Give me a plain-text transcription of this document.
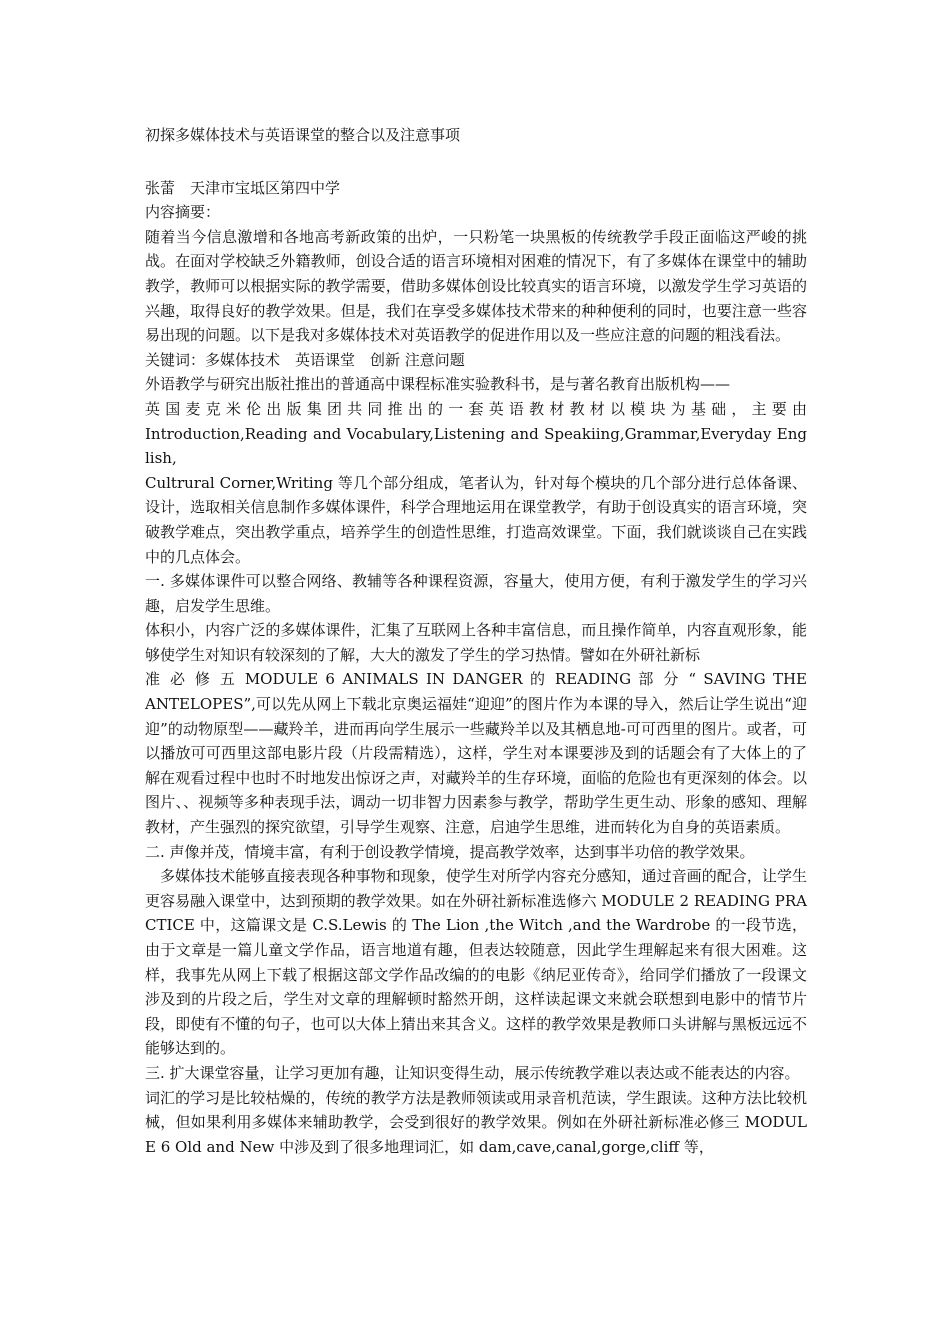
初探多媒体技术与英语课堂的整合以及注意事项

张蕾　天津市宝坻区第四中学

内容摘要：

随着当今信息激增和各地高考新政策的出炉，一只粉笔一块黑板的传统教学手段正面临这严峻的挑战。在面对学校缺乏外籍教师，创设合适的语言环境相对困难的情况下，有了多媒体在课堂中的辅助教学，教师可以根据实际的教学需要，借助多媒体创设比较真实的语言环境，以激发学生学习英语的兴趣，取得良好的教学效果。但是，我们在享受多媒体技术带来的种种便利的同时，也要注意一些容易出现的问题。以下是我对多媒体技术对英语教学的促进作用以及一些应注意的问题的粗浅看法。

关键词：多媒体技术　英语课堂　创新 注意问题

外语教学与研究出版社推出的普通高中课程标准实验教科书，是与著名教育出版机构——

英国麦克米伦出版集团共同推出的一套英语教材教材以模块为基础，主要由

Introduction,Reading and Vocabulary,Listening and Speakiing,Grammar,Everyday English,

Cultrural Corner,Writing 等几个部分组成，笔者认为，针对每个模块的几个部分进行总体备课、设计，选取相关信息制作多媒体课件，科学合理地运用在课堂教学，有助于创设真实的语言环境，突破教学难点，突出教学重点，培养学生的创造性思维，打造高效课堂。下面，我们就谈谈自己在实践中的几点体会。

一. 多媒体课件可以整合网络、教辅等各种课程资源，容量大，使用方便，有利于激发学生的学习兴趣，启发学生思维。

体积小，内容广泛的多媒体课件，汇集了互联网上各种丰富信息，而且操作简单，内容直观形象，能够使学生对知识有较深刻的了解，大大的激发了学生的学习热情。譬如在外研社新标

准 必 修 五 MODULE 6 ANIMALS IN DANGER 的 READING 部 分 “ SAVING THE

ANTELOPES”,可以先从网上下载北京奥运福娃“迎迎”的图片作为本课的导入，然后让学生说出“迎迎”的动物原型——藏羚羊，进而再向学生展示一些藏羚羊以及其栖息地-可可西里的图片。或者，可以播放可可西里这部电影片段（片段需精选），这样，学生对本课要涉及到的话题会有了大体上的了解在观看过程中也时不时地发出惊讶之声，对藏羚羊的生存环境，面临的危险也有更深刻的体会。以图片、、视频等多种表现手法，调动一切非智力因素参与教学，帮助学生更生动、形象的感知、理解教材，产生强烈的探究欲望，引导学生观察、注意，启迪学生思维，进而转化为自身的英语素质。

二. 声像并茂，情境丰富，有利于创设教学情境，提高教学效率，达到事半功倍的教学效果。

多媒体技术能够直接表现各种事物和现象，使学生对所学内容充分感知，通过音画的配合，让学生更容易融入课堂中，达到预期的教学效果。如在外研社新标准选修六 MODULE 2 READING PRACTICE 中，这篇课文是 C.S.Lewis 的 The Lion ,the Witch ,and the Wardrobe 的一段节选，由于文章是一篇儿童文学作品，语言地道有趣，但表达较随意，因此学生理解起来有很大困难。这样，我事先从网上下载了根据这部文学作品改编的的电影《纳尼亚传奇》，给同学们播放了一段课文涉及到的片段之后，学生对文章的理解顿时豁然开朗，这样读起课文来就会联想到电影中的情节片段，即使有不懂的句子，也可以大体上猜出来其含义。这样的教学效果是教师口头讲解与黑板远远不能够达到的。

三. 扩大课堂容量，让学习更加有趣，让知识变得生动，展示传统教学难以表达或不能表达的内容。

词汇的学习是比较枯燥的，传统的教学方法是教师领读或用录音机范读，学生跟读。这种方法比较机械，但如果利用多媒体来辅助教学，会受到很好的教学效果。例如在外研社新标准必修三 MODULE 6 Old and New 中涉及到了很多地理词汇，如 dam,cave,canal,gorge,cliff 等，
